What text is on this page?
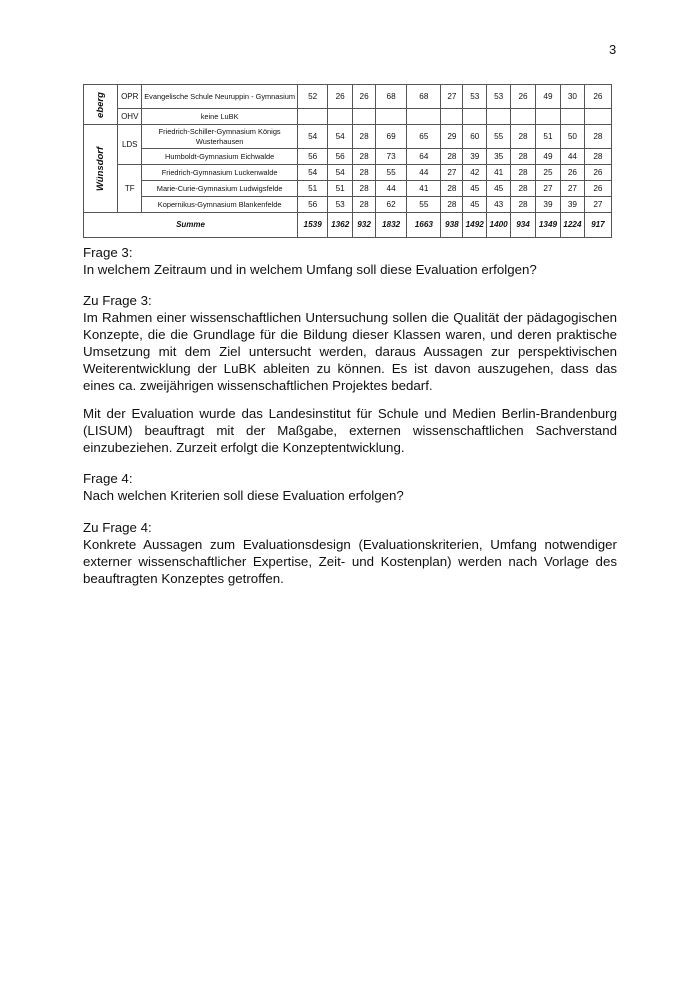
3
eberg	OPR	Evangelische Schule Neuruppin - Gymnasium	52	26	26	68	68	27	53	53	26	49	30	26
	OHV	keine LuBK												

Wünsdorf	LDS	Friedrich-Schiller-Gymnasium Königs Wusterhausen	54	54	28	69	65	29	60	55	28	51	50	28
		Humboldt-Gymnasium Eichwalde	56	56	28	73	64	28	39	35	28	49	44	28
	TF	Friedrich-Gymnasium Luckenwalde	54	54	28	55	44	27	42	41	28	25	26	26
		Marie-Curie-Gymnasium Ludwigsfelde	51	51	28	44	41	28	45	45	28	27	27	26
		Kopernikus-Gymnasium Blankenfelde	56	53	28	62	55	28	45	43	28	39	39	27
Summe			1539	1362	932	1832	1663	938	1492	1400	934	1349	1224	917

Frage 3:

In welchem Zeitraum und in welchem Umfang soll diese Evaluation erfolgen?

Zu Frage 3:

Im Rahmen einer wissenschaftlichen Untersuchung sollen die Qualität der pädagogischen Konzepte, die die Grundlage für die Bildung dieser Klassen waren, und deren praktische Umsetzung mit dem Ziel untersucht werden, daraus Aussagen zur perspektivischen Weiterentwicklung der LuBK ableiten zu können. Es ist davon auszugehen, dass das eines ca. zweijährigen wissenschaftlichen Projektes bedarf.

Mit der Evaluation wurde das Landesinstitut für Schule und Medien Berlin-Brandenburg (LISUM) beauftragt mit der Maßgabe, externen wissenschaftlichen Sachverstand einzubeziehen. Zurzeit erfolgt die Konzeptentwicklung.

Frage 4:

Nach welchen Kriterien soll diese Evaluation erfolgen?

Zu Frage 4:

Konkrete Aussagen zum Evaluationsdesign (Evaluationskriterien, Umfang notwendiger externer wissenschaftlicher Expertise, Zeit- und Kostenplan) werden nach Vorlage des beauftragten Konzeptes getroffen.
